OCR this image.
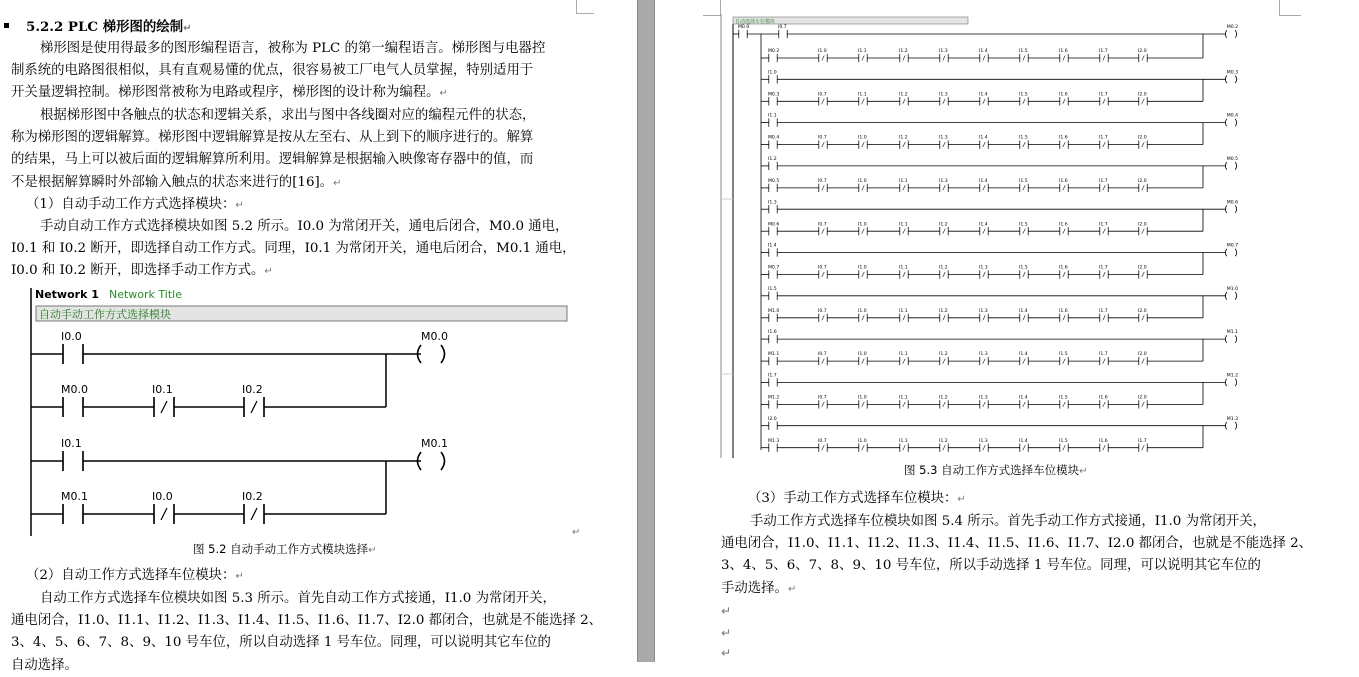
5.2.2 PLC 梯形图的绘制↵
梯形图是使用得最多的图形编程语言，被称为 PLC 的第一编程语言。梯形图与电器控
制系统的电路图很相似，具有直观易懂的优点，很容易被工厂电气人员掌握，特别适用于
开关量逻辑控制。梯形图常被称为电路或程序，梯形图的设计称为编程。↵
根据梯形图中各触点的状态和逻辑关系，求出与图中各线圈对应的编程元件的状态，
称为梯形图的逻辑解算。梯形图中逻辑解算是按从左至右、从上到下的顺序进行的。解算
的结果，马上可以被后面的逻辑解算所利用。逻辑解算是根据输入映像寄存器中的值，而
不是根据解算瞬时外部输入触点的状态来进行的[16]。↵
（1）自动手动工作方式选择模块：↵
手动自动工作方式选择模块如图 5.2 所示。I0.0 为常闭开关，通电后闭合，M0.0 通电，
I0.1 和 I0.2 断开，即选择自动工作方式。同理，I0.1 为常闭开关，通电后闭合，M0.1 通电，
I0.0 和 I0.2 断开，即选择手动工作方式。↵
Network 1 Network Title
自动手动工作方式选择模块
I0.0	M0.0
M0.0	I0.1	I0.2
I0.1	M0.1
M0.1	I0.0	I0.2
↵
图 5.2 自动手动工作方式模块选择↵
（2）自动工作方式选择车位模块：↵
自动工作方式选择车位模块如图 5.3 所示。首先自动工作方式接通，I1.0 为常闭开关，
通电闭合，I1.0、I1.1、I1.2、I1.3、I1.4、I1.5、I1.6、I1.7、I2.0 都闭合，也就是不能选择 2、
3、4、5、6、7、8、9、10 号车位，所以自动选择 1 号车位。同理，可以说明其它车位的
自动选择。
自动选择车位模块
M0.0	I0.7	M0.2
M0.2	I1.0	I1.1	I1.2	I1.3	I1.4	I1.5	I1.6	I1.7	I2.0
I1.0	M0.3
M0.3	I0.7	I1.1	I1.2	I1.3	I1.4	I1.5	I1.6	I1.7	I2.0
I1.1	M0.4
M0.4	I0.7	I1.0	I1.2	I1.3	I1.4	I1.5	I1.6	I1.7	I2.0
I1.2	M0.5
M0.5	I0.7	I1.0	I1.1	I1.3	I1.4	I1.5	I1.6	I1.7	I2.0
I1.3	M0.6
M0.6	I0.7	I1.0	I1.1	I1.2	I1.4	I1.5	I1.6	I1.7	I2.0
I1.4	M0.7
M0.7	I0.7	I1.0	I1.1	I1.2	I1.3	I1.5	I1.6	I1.7	I2.0
I1.5	M1.0
M1.0	I0.7	I1.0	I1.1	I1.2	I1.3	I1.4	I1.6	I1.7	I2.0
I1.6	M1.1
M1.1	I0.7	I1.0	I1.1	I1.2	I1.3	I1.4	I1.5	I1.7	I2.0
I1.7	M1.2
M1.2	I0.7	I1.0	I1.1	I1.2	I1.3	I1.4	I1.5	I1.6	I2.0
I2.0	M1.3
M1.3	I0.7	I1.0	I1.1	I1.2	I1.3	I1.4	I1.5	I1.6	I1.7
图 5.3 自动工作方式选择车位模块↵
（3）手动工作方式选择车位模块：↵
手动工作方式选择车位模块如图 5.4 所示。首先手动工作方式接通，I1.0 为常闭开关，
通电闭合，I1.0、I1.1、I1.2、I1.3、I1.4、I1.5、I1.6、I1.7、I2.0 都闭合，也就是不能选择 2、
3、4、5、6、7、8、9、10 号车位，所以手动选择 1 号车位。同理，可以说明其它车位的
手动选择。↵
↵
↵
↵
